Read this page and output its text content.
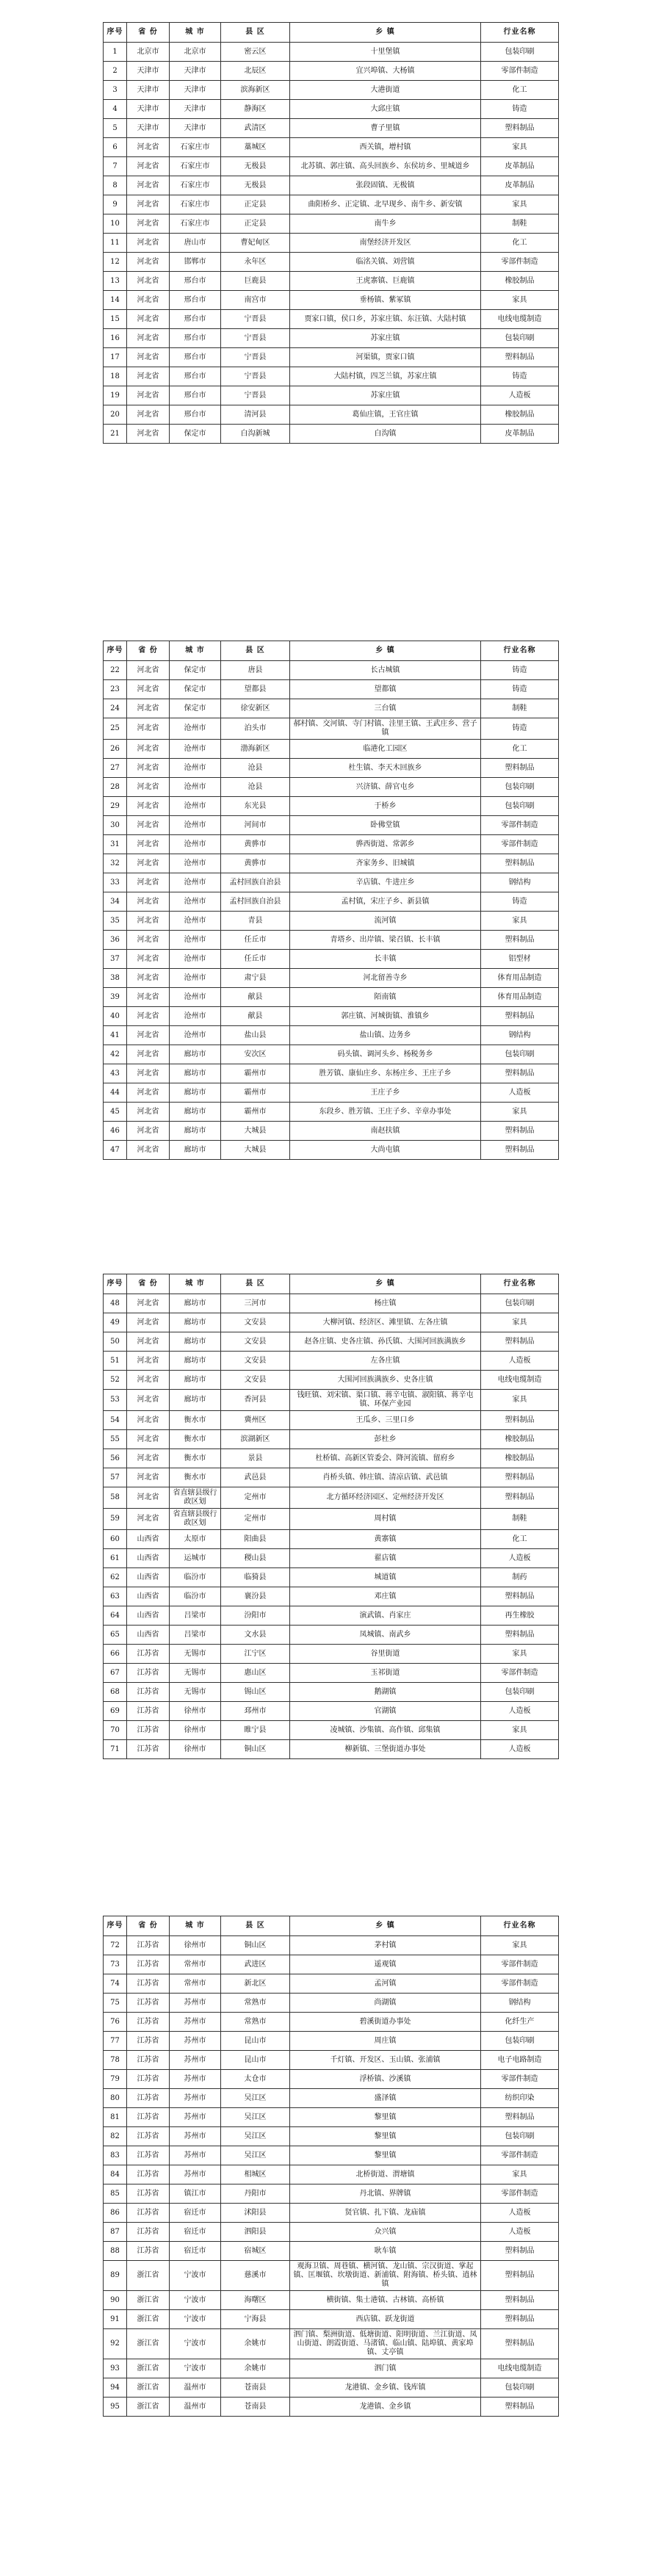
序号	省 份	城 市	县 区	乡 镇	行业名称
1	北京市	北京市	密云区	十里堡镇	包装印刷
2	天津市	天津市	北辰区	宜兴埠镇、大杨镇	零部件制造
3	天津市	天津市	滨海新区	大港街道	化工
4	天津市	天津市	静海区	大邱庄镇	铸造
5	天津市	天津市	武清区	曹子里镇	塑料制品
6	河北省	石家庄市	藁城区	西关镇，增村镇	家具
7	河北省	石家庄市	无极县	北苏镇、郭庄镇、高头回族乡、东侯坊乡、里城道乡	皮革制品
8	河北省	石家庄市	无极县	张段固镇、无极镇	皮革制品
9	河北省	石家庄市	正定县	曲阳桥乡、正定镇、北早现乡、南牛乡、新安镇	家具
10	河北省	石家庄市	正定县	南牛乡	制鞋
11	河北省	唐山市	曹妃甸区	南堡经济开发区	化工
12	河北省	邯郸市	永年区	临洺关镇、刘营镇	零部件制造
13	河北省	邢台市	巨鹿县	王虎寨镇、巨鹿镇	橡胶制品
14	河北省	邢台市	南宫市	垂杨镇、紫冢镇	家具
15	河北省	邢台市	宁晋县	贾家口镇，侯口乡，苏家庄镇、东汪镇、大陆村镇	电线电缆制造
16	河北省	邢台市	宁晋县	苏家庄镇	包装印刷
17	河北省	邢台市	宁晋县	河渠镇，贾家口镇	塑料制品
18	河北省	邢台市	宁晋县	大陆村镇，四芝兰镇，苏家庄镇	铸造
19	河北省	邢台市	宁晋县	苏家庄镇	人造板
20	河北省	邢台市	清河县	葛仙庄镇，王官庄镇	橡胶制品
21	河北省	保定市	白沟新城	白沟镇	皮革制品
序号	省 份	城 市	县 区	乡 镇	行业名称
22	河北省	保定市	唐县	长古城镇	铸造
23	河北省	保定市	望都县	望都镇	铸造
24	河北省	保定市	徐安新区	三台镇	制鞋
25	河北省	沧州市	泊头市	郝村镇、交河镇、寺门村镇、洼里王镇、王武庄乡、营子镇	铸造
26	河北省	沧州市	渤海新区	临港化工园区	化工
27	河北省	沧州市	沧县	杜生镇、李天木回族乡	塑料制品
28	河北省	沧州市	沧县	兴济镇、薛官屯乡	包装印刷
29	河北省	沧州市	东光县	于桥乡	包装印刷
30	河北省	沧州市	河间市	卧佛堂镇	零部件制造
31	河北省	沧州市	黄骅市	骅西街道、常郭乡	零部件制造
32	河北省	沧州市	黄骅市	齐家务乡、旧城镇	塑料制品
33	河北省	沧州市	孟村回族自治县	辛店镇、牛进庄乡	钢结构
34	河北省	沧州市	孟村回族自治县	孟村镇，宋庄子乡、新县镇	铸造
35	河北省	沧州市	青县	流河镇	家具
36	河北省	沧州市	任丘市	青塔乡、出岸镇、梁召镇、长丰镇	塑料制品
37	河北省	沧州市	任丘市	长丰镇	铝型材
38	河北省	沧州市	肃宁县	河北留善寺乡	体育用品制造
39	河北省	沧州市	献县	陌南镇	体育用品制造
40	河北省	沧州市	献县	郭庄镇、河城街镇、淮镇乡	塑料制品
41	河北省	沧州市	盐山县	盐山镇、边务乡	钢结构
42	河北省	廊坊市	安次区	码头镇、调河头乡、杨税务乡	包装印刷
43	河北省	廊坊市	霸州市	胜芳镇、康仙庄乡、东杨庄乡、王庄子乡	塑料制品
44	河北省	廊坊市	霸州市	王庄子乡	人造板
45	河北省	廊坊市	霸州市	东段乡、胜芳镇、王庄子乡、辛章办事处	家具
46	河北省	廊坊市	大城县	南赵扶镇	塑料制品
47	河北省	廊坊市	大城县	大尚屯镇	塑料制品
序号	省 份	城 市	县 区	乡 镇	行业名称
48	河北省	廊坊市	三河市	杨庄镇	包装印刷
49	河北省	廊坊市	文安县	大柳河镇、经济区、滩里镇、左各庄镇	家具
50	河北省	廊坊市	文安县	赵各庄镇、史各庄镇、孙氏镇、大围河回族满族乡	塑料制品
51	河北省	廊坊市	文安县	左各庄镇	人造板
52	河北省	廊坊市	文安县	大围河回族满族乡、史各庄镇	电线电缆制造
53	河北省	廊坊市	香河县	钱旺镇、刘宋镇、渠口镇、蒋辛屯镇、淑阳镇、蒋辛屯镇、环保产业园	家具
54	河北省	衡水市	冀州区	王瓜乡、三里口乡	塑料制品
55	河北省	衡水市	滨湖新区	彭杜乡	橡胶制品
56	河北省	衡水市	景县	杜桥镇、高新区管委会、降河流镇、留府乡	橡胶制品
57	河北省	衡水市	武邑县	肖桥头镇、韩庄镇、清凉店镇、武邑镇	塑料制品
58	河北省	省直辖县级行政区划	定州市	北方循环经济园区、定州经济开发区	塑料制品
59	河北省	省直辖县级行政区划	定州市	周村镇	制鞋
60	山西省	太原市	阳曲县	黄寨镇	化工
61	山西省	运城市	稷山县	翟店镇	人造板
62	山西省	临汾市	临猗县	城道镇	制药
63	山西省	临汾市	襄汾县	邓庄镇	塑料制品
64	山西省	吕梁市	汾阳市	演武镇、肖家庄	再生橡胶
65	山西省	吕梁市	文水县	凤城镇、南武乡	塑料制品
66	江苏省	无锡市	江宁区	谷里街道	家具
67	江苏省	无锡市	惠山区	玉祁街道	零部件制造
68	江苏省	无锡市	锡山区	鹅湖镇	包装印刷
69	江苏省	徐州市	邳州市	官湖镇	人造板
70	江苏省	徐州市	睢宁县	凌城镇、沙集镇、高作镇、邱集镇	家具
71	江苏省	徐州市	铜山区	柳新镇、三堡街道办事处	人造板
序号	省 份	城 市	县 区	乡 镇	行业名称
72	江苏省	徐州市	铜山区	茅村镇	家具
73	江苏省	常州市	武进区	遥观镇	零部件制造
74	江苏省	常州市	新北区	孟河镇	零部件制造
75	江苏省	苏州市	常熟市	尚湖镇	钢结构
76	江苏省	苏州市	常熟市	碧溪街道办事处	化纤生产
77	江苏省	苏州市	昆山市	周庄镇	包装印刷
78	江苏省	苏州市	昆山市	千灯镇、开发区、玉山镇、张浦镇	电子电路制造
79	江苏省	苏州市	太仓市	浮桥镇、沙溪镇	零部件制造
80	江苏省	苏州市	吴江区	盛泽镇	纺织印染
81	江苏省	苏州市	吴江区	黎里镇	塑料制品
82	江苏省	苏州市	吴江区	黎里镇	包装印刷
83	江苏省	苏州市	吴江区	黎里镇	零部件制造
84	江苏省	苏州市	相城区	北桥街道、渭塘镇	家具
85	江苏省	镇江市	丹阳市	丹北镇、界牌镇	零部件制造
86	江苏省	宿迁市	沭阳县	贤官镇、扎下镇、龙庙镇	人造板
87	江苏省	宿迁市	泗阳县	众兴镇	人造板
88	江苏省	宿迁市	宿城区	耿车镇	塑料制品
89	浙江省	宁波市	慈溪市	观海卫镇、周巷镇、横河镇、龙山镇、宗汉街道、掌起镇、匡堰镇、坎墩街道、新浦镇、附海镇、桥头镇、逍林镇	塑料制品
90	浙江省	宁波市	海曙区	横街镇、集士港镇、古林镇、高桥镇	塑料制品
91	浙江省	宁波市	宁海县	西店镇、跃龙街道	塑料制品
92	浙江省	宁波市	余姚市	泗门镇、梨洲街道、低塘街道、阳明街道、兰江街道、凤山街道、朗霞街道、马渚镇、临山镇、陆埠镇、黄家埠镇、丈亭镇	塑料制品
93	浙江省	宁波市	余姚市	泗门镇	电线电缆制造
94	浙江省	温州市	苍南县	龙港镇、金乡镇、钱库镇	包装印刷
95	浙江省	温州市	苍南县	龙港镇、金乡镇	塑料制品
